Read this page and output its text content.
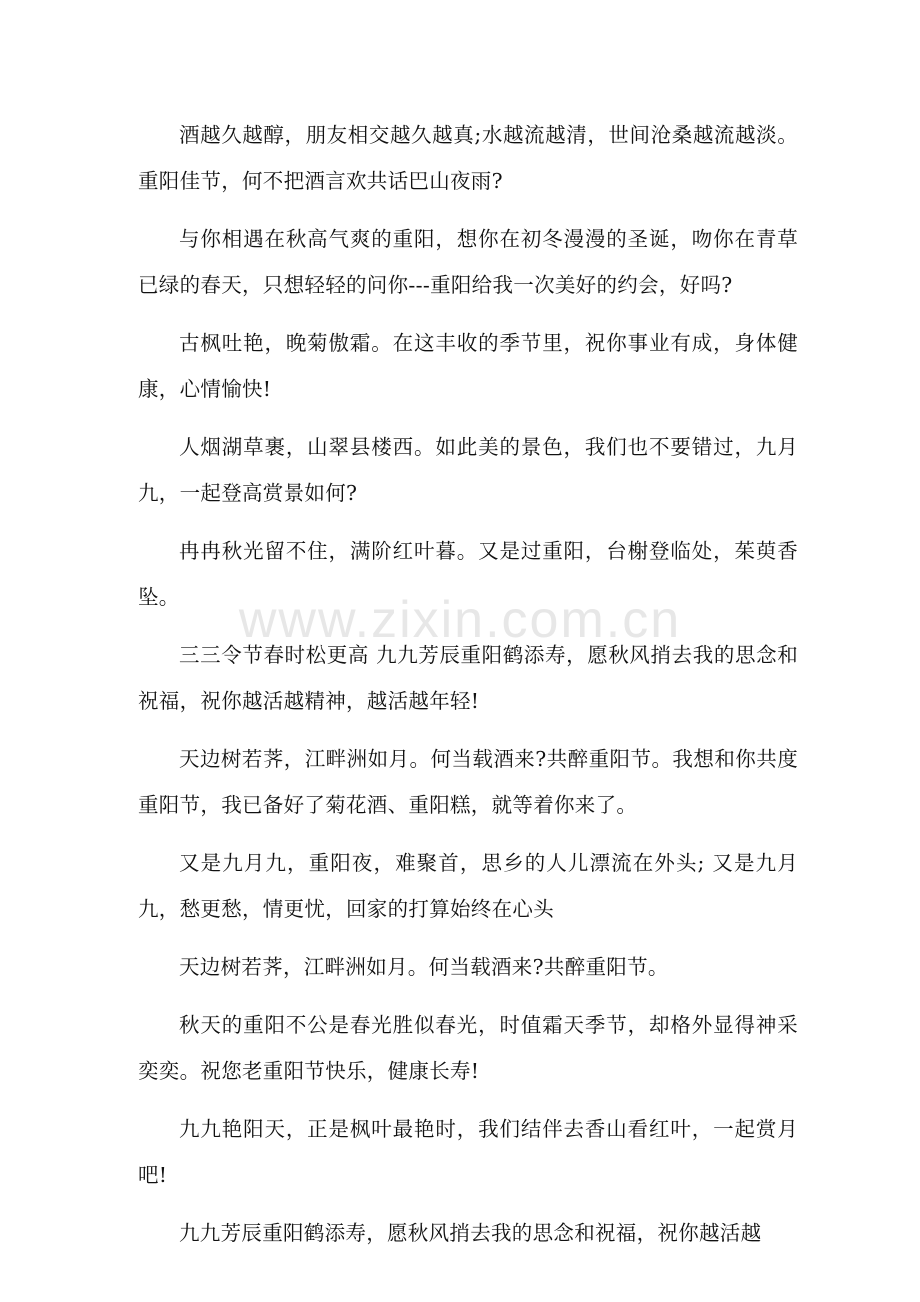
酒越久越醇，朋友相交越久越真;水越流越清，世间沧桑越流越淡。重阳佳节，何不把酒言欢共话巴山夜雨?

与你相遇在秋高气爽的重阳，想你在初冬漫漫的圣诞，吻你在青草已绿的春天，只想轻轻的问你---重阳给我一次美好的约会，好吗?

古枫吐艳，晚菊傲霜。在这丰收的季节里，祝你事业有成，身体健康，心情愉快!

人烟湖草裹，山翠县楼西。如此美的景色，我们也不要错过，九月九，一起登高赏景如何?

冉冉秋光留不住，满阶红叶暮。又是过重阳，台榭登临处，茱萸香坠。

三三令节春时松更高 九九芳辰重阳鹤添寿，愿秋风捎去我的思念和祝福，祝你越活越精神，越活越年轻!

天边树若荠，江畔洲如月。何当载酒来?共醉重阳节。我想和你共度重阳节，我已备好了菊花酒、重阳糕，就等着你来了。

又是九月九，重阳夜，难聚首，思乡的人儿漂流在外头; 又是九月九，愁更愁，情更忧，回家的打算始终在心头

天边树若荠，江畔洲如月。何当载酒来?共醉重阳节。

秋天的重阳不公是春光胜似春光，时值霜天季节，却格外显得神采奕奕。祝您老重阳节快乐，健康长寿!

九九艳阳天，正是枫叶最艳时，我们结伴去香山看红叶，一起赏月吧!

九九芳辰重阳鹤添寿，愿秋风捎去我的思念和祝福，祝你越活越

www.zixin.com.cn
